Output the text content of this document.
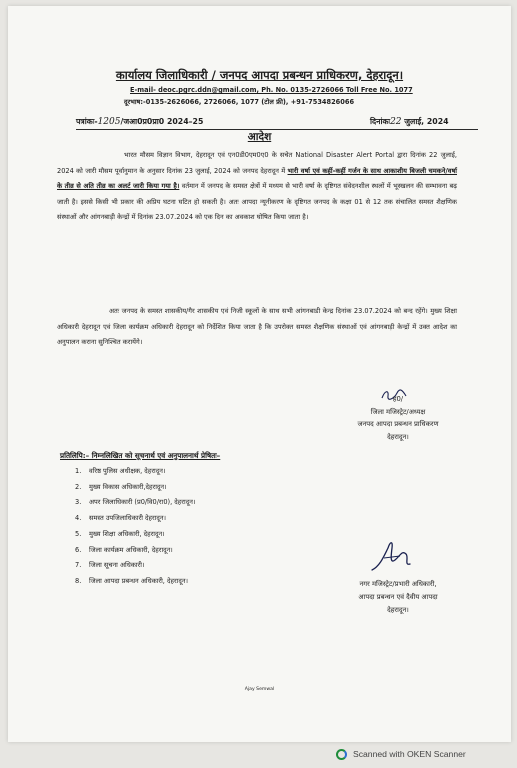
कार्यालय जिलाधिकारी / जनपद आपदा प्रबन्धन प्राधिकरण, देहरादून।
E-mail- deoc.pgrc.ddn@gmail.com, Ph. No. 0135-2726066 Toll Free No. 1077
दूरभाष:-0135-2626066, 2726066, 1077 (टोल फ्री), +91-7534826066
पत्रांकः-1205/जआ0प्र0प्रा0 2024–25	दिनांकः22 जुलाई, 2024
आदेश
भारत मौसम विज्ञान विभाग, देहरादून एवं एन0डी0एम0ए0 के सचेत National Disaster Alert Portal द्वारा दिनांक 22 जुलाई, 2024 को जारी मौसम पूर्वानुमान के अनुसार दिनांक 23 जुलाई, 2024 को जनपद देहरादून में भारी वर्षा एवं कहीं-कहीं गर्जन के साथ आकाशीय बिजली चमकने/वर्षा के तीव्र से अति तीव्र का अलर्ट जारी किया गया है। वर्तमान में जनपद के समस्त क्षेत्रों में मध्यम से भारी वर्षा के दृष्टिगत संवेदनशील स्थलों में भूस्खलन की सम्भावना बढ़ जाती है। इससे किसी भी प्रकार की अप्रिय घटना घटित हो सकती है। अतः आपदा न्यूनीकरण के दृष्टिगत जनपद के कक्षा 01 से 12 तक संचालित समस्त शैक्षणिक संस्थाओं और आंगनबाड़ी केन्द्रों में दिनांक 23.07.2024 को एक दिन का अवकाश घोषित किया जाता है।
अतः जनपद के समस्त शासकीय/गैर शासकीय एवं निजी स्कूलों के साथ सभी आंगनबाडी केन्द्र दिनांक 23.07.2024 को बन्द रहेंगे। मुख्य शिक्षा अधिकारी देहरादून एवं जिला कार्यक्रम अधिकारी देहरादून को निर्देशित किया जाता है कि उपरोक्त समस्त शैक्षणिक संस्थाओं एवं आंगनबाड़ी केन्द्रों में उक्त आदेश का अनुपालन कराना सुनिश्चित करायेंगे।
ह0/
जिला मजिस्ट्रेट/अध्यक्ष
जनपद आपदा प्रबन्धन प्राधिकरण
देहरादून।
प्रतिलिपि:– निम्नलिखित को सूचनार्थ एवं अनुपालनार्थ प्रेषितः–
1. वरिष्ठ पुलिस अधीक्षक, देहरादून।
2. मुख्य विकास अधिकारी,देहरादून।
3. अपर जिलाधिकारी (प्र0/वि0/रा0), देहरादून।
4. समस्त उपजिलाधिकारी देहरादून।
5. मुख्य शिक्षा अधिकारी, देहरादून।
6. जिला कार्यक्रम अधिकारी, देहरादून।
7. जिला सूचना अधिकारी।
8. जिला आपदा प्रबन्धन अधिकारी, देहरादून।	नगर मजिस्ट्रेट/प्रभारी अधिकारी,
आपदा प्रबन्धन एवं दैवीय आपदा
देहरादून।
Ajay Semwal
Scanned with OKEN Scanner
